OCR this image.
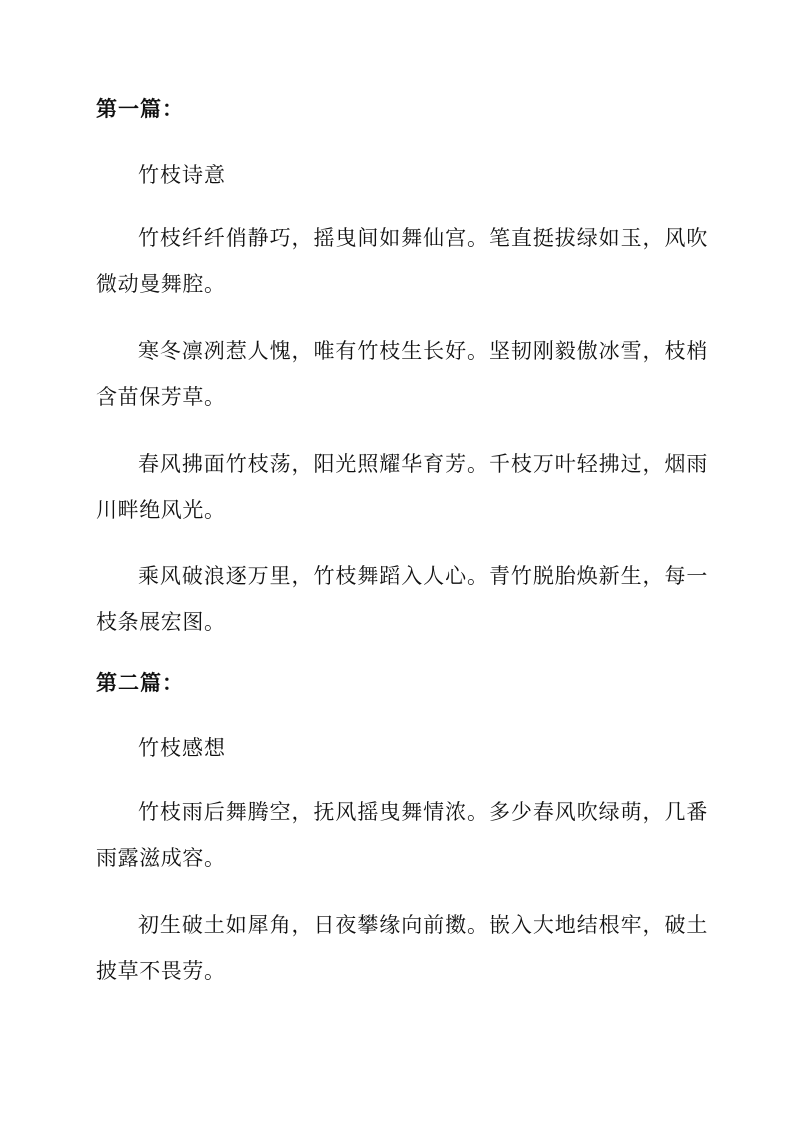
第一篇：
竹枝诗意
竹枝纤纤俏静巧，摇曳间如舞仙宫。笔直挺拔绿如玉，风吹微动曼舞腔。
寒冬凛冽惹人愧，唯有竹枝生长好。坚韧刚毅傲冰雪，枝梢含苗保芳草。
春风拂面竹枝荡，阳光照耀华育芳。千枝万叶轻拂过，烟雨川畔绝风光。
乘风破浪逐万里，竹枝舞蹈入人心。青竹脱胎焕新生，每一枝条展宏图。
第二篇：
竹枝感想
竹枝雨后舞腾空，抚风摇曳舞情浓。多少春风吹绿萌，几番雨露滋成容。
初生破土如犀角，日夜攀缘向前擞。嵌入大地结根牢，破土披草不畏劳。
